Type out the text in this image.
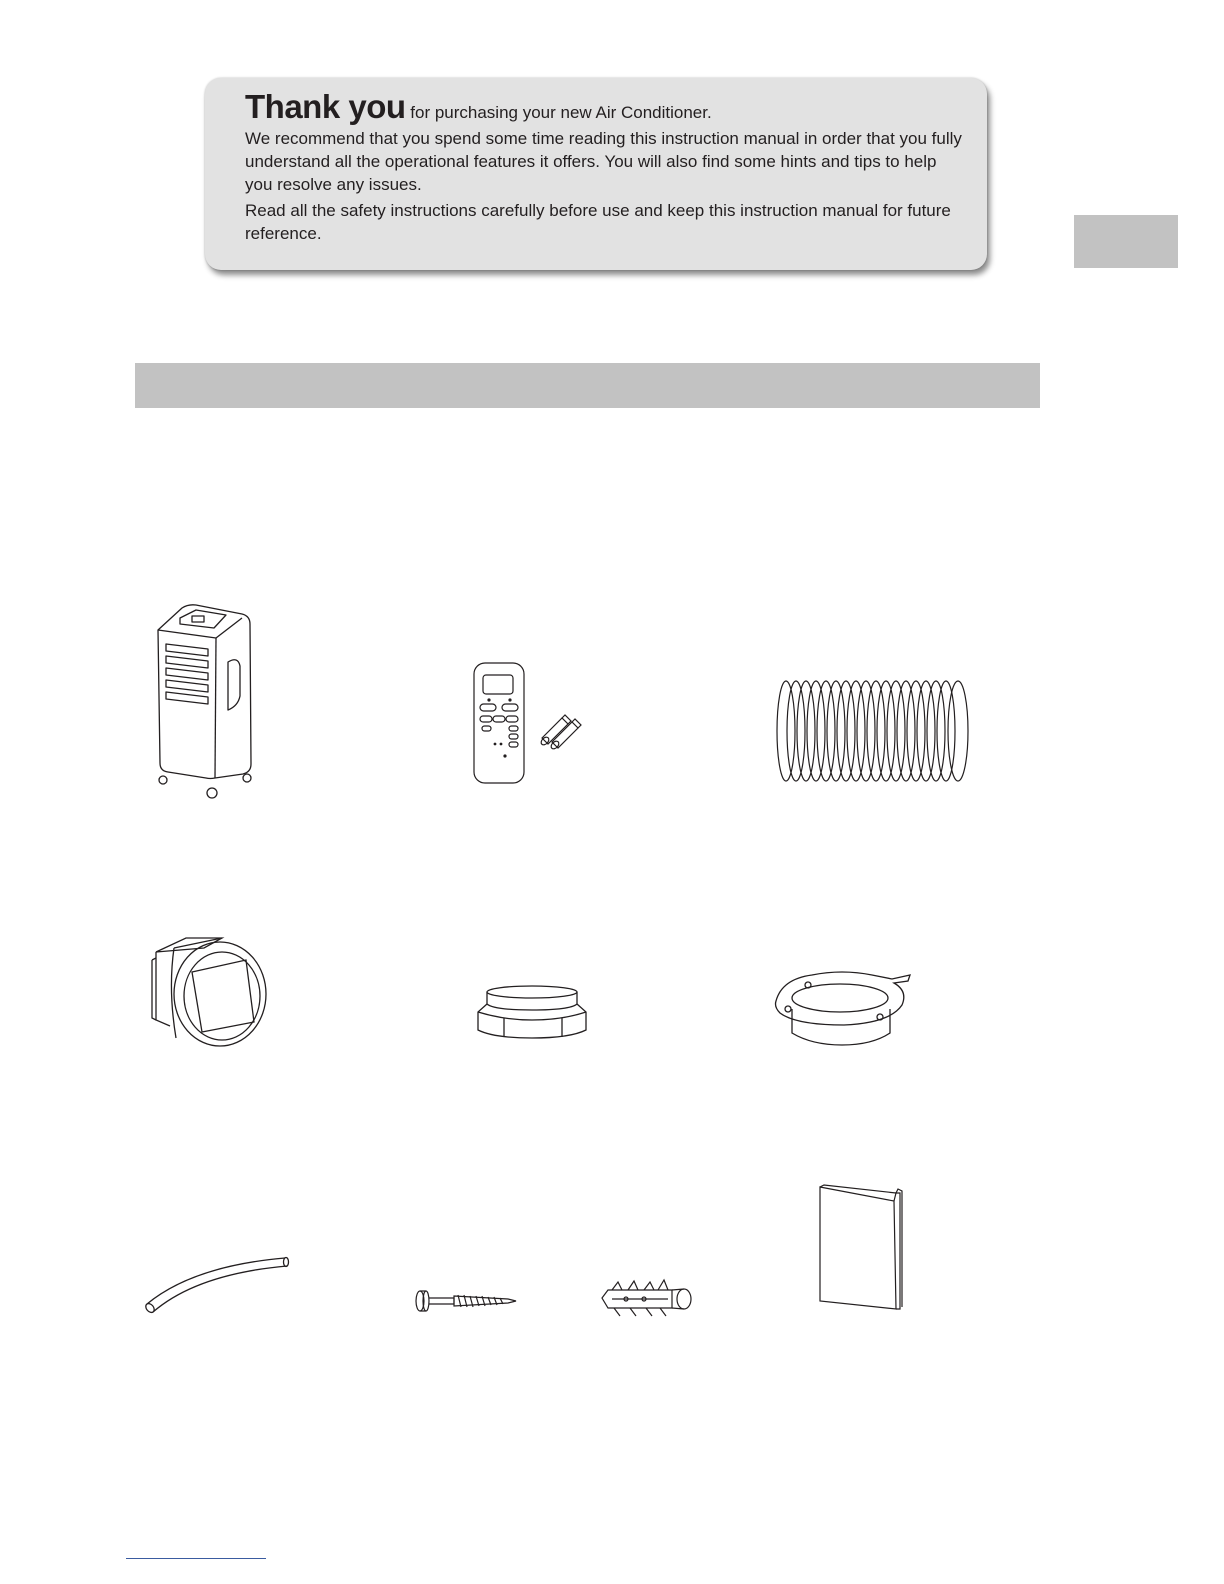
Thank you for purchasing your new Air Conditioner.

We recommend that you spend some time reading this instruction manual in order that you fully understand all the operational features it offers. You will also find some hints and tips to help you resolve any issues.

Read all the safety instructions carefully before use and keep this instruction manual for future reference.
